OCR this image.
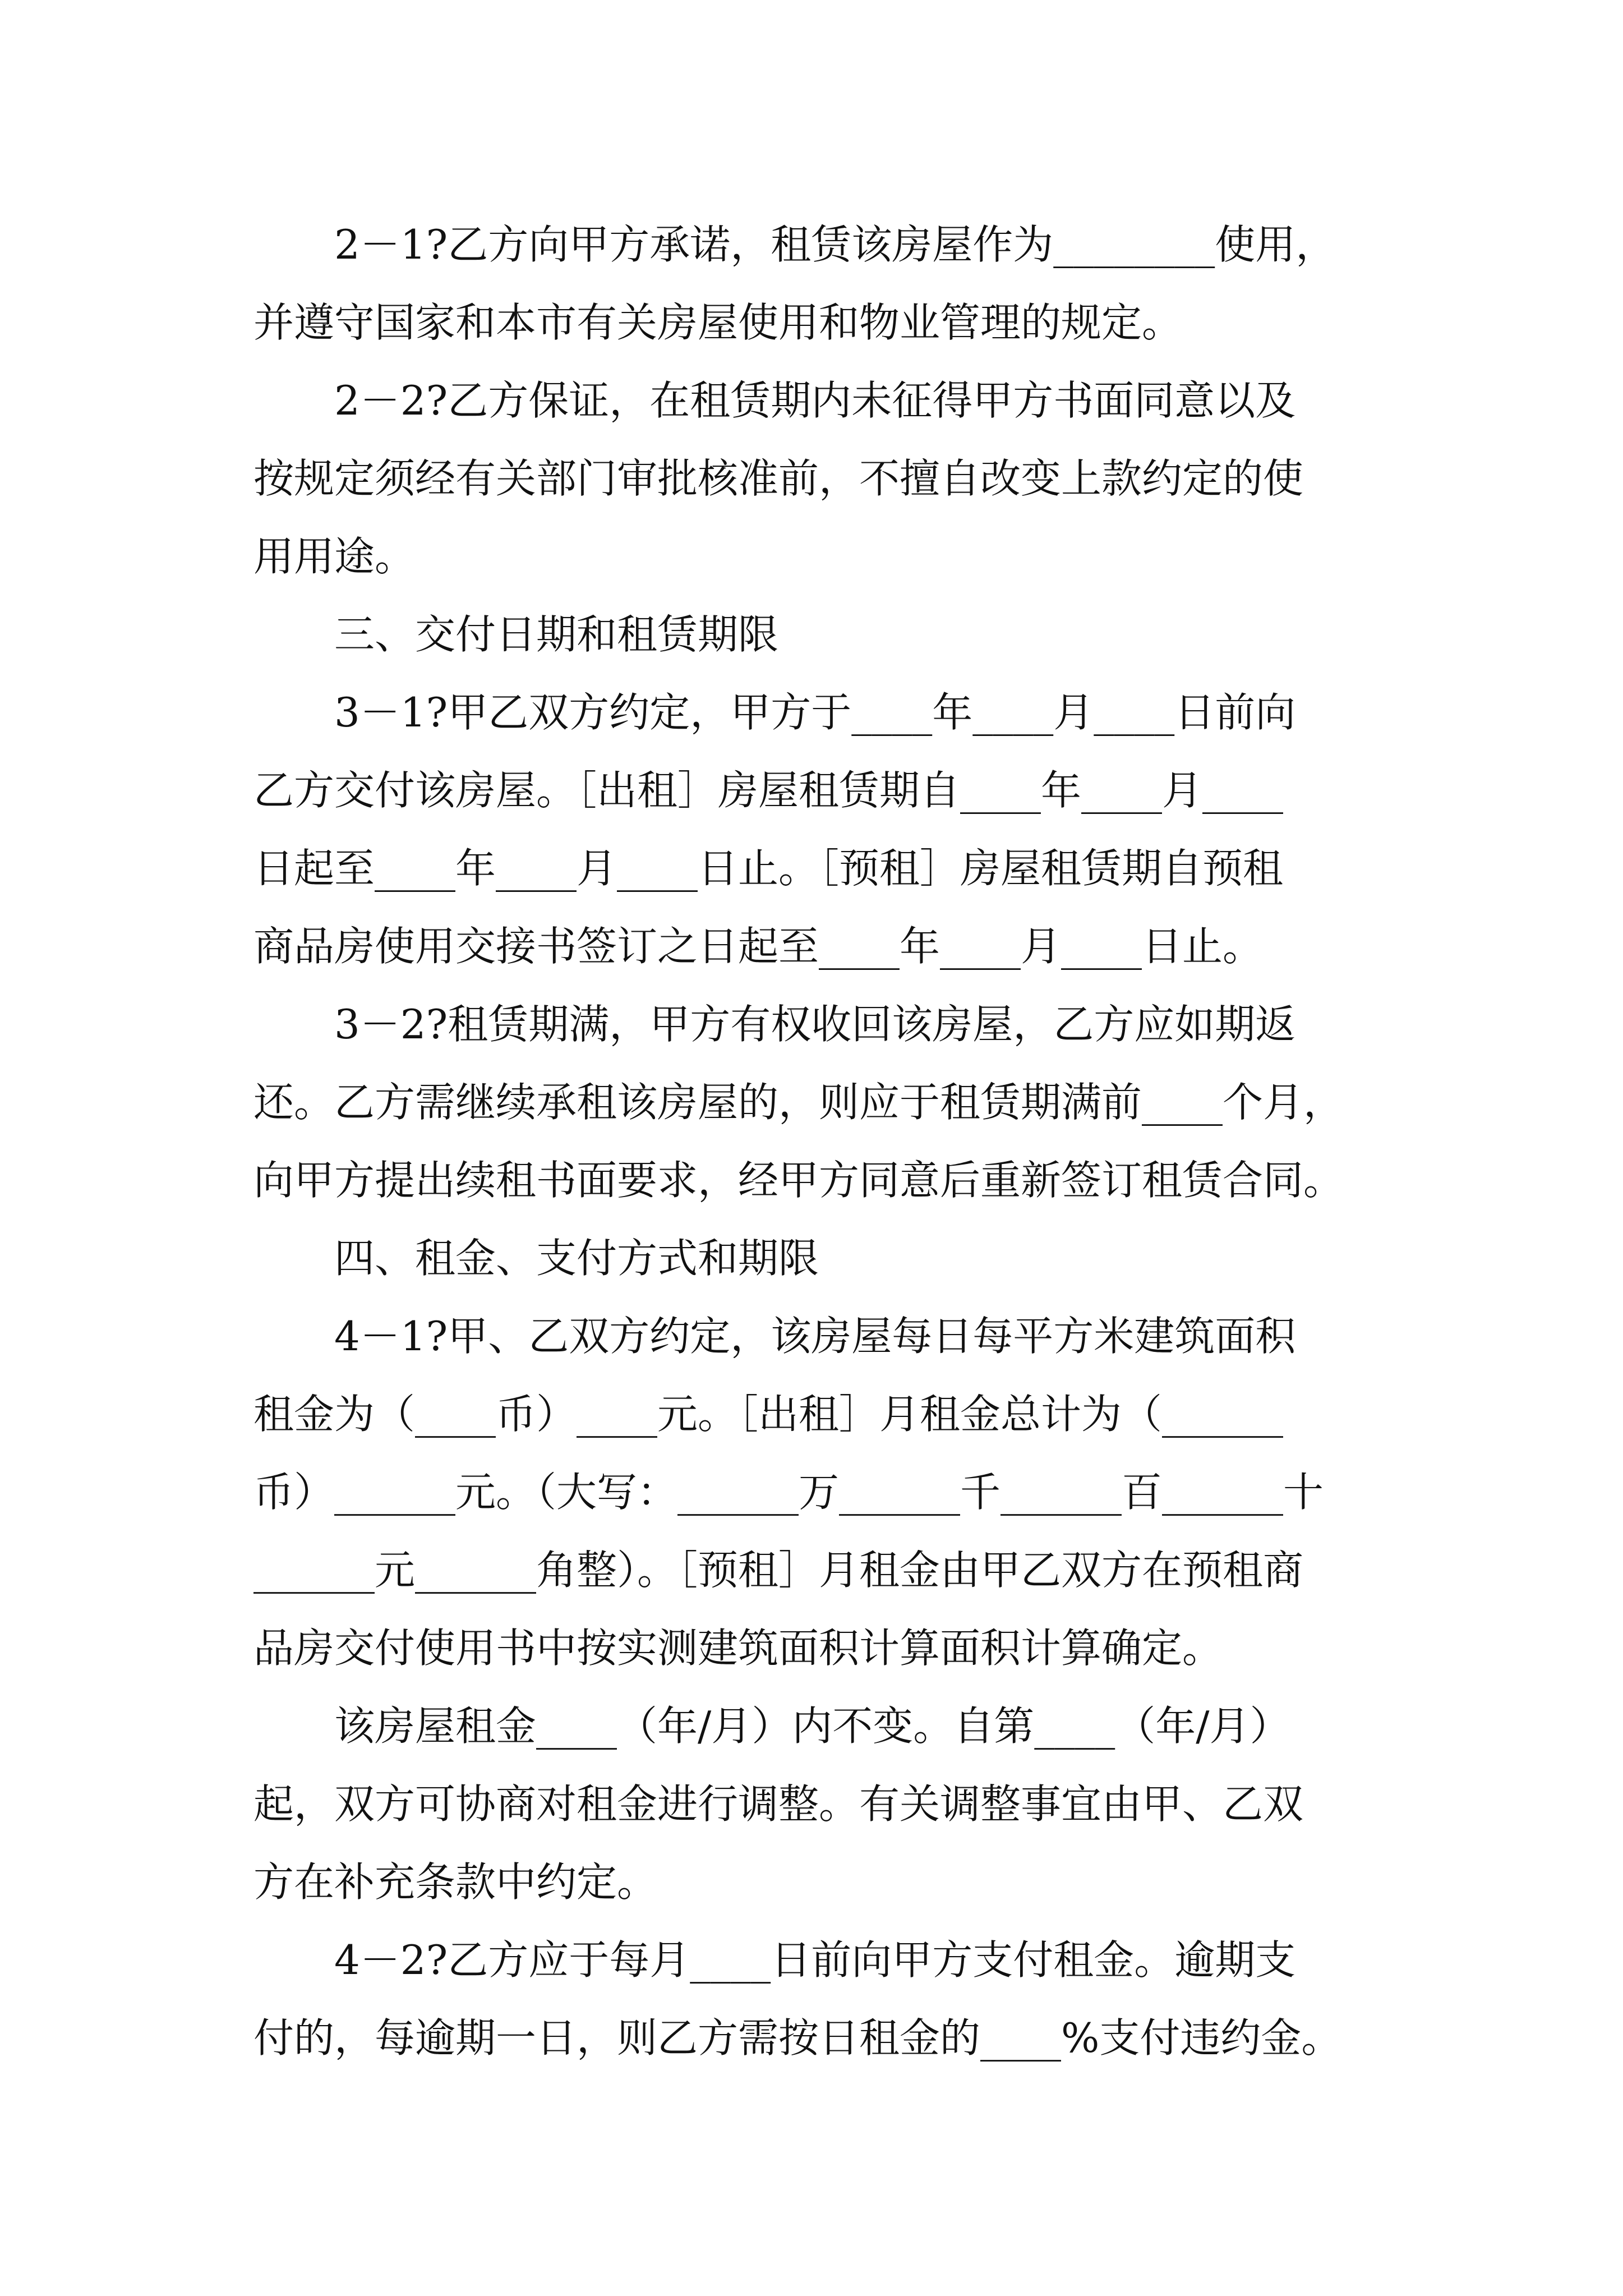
2－1?乙方向甲方承诺，租赁该房屋作为________使用，

并遵守国家和本市有关房屋使用和物业管理的规定。

2－2?乙方保证，在租赁期内未征得甲方书面同意以及

按规定须经有关部门审批核准前，不擅自改变上款约定的使

用用途。

三、交付日期和租赁期限

3－1?甲乙双方约定，甲方于____年____月____日前向

乙方交付该房屋。［出租］房屋租赁期自____年____月____

日起至____年____月____日止。［预租］房屋租赁期自预租

商品房使用交接书签订之日起至____年____月____日止。

3－2?租赁期满，甲方有权收回该房屋，乙方应如期返

还。乙方需继续承租该房屋的，则应于租赁期满前____个月，

向甲方提出续租书面要求，经甲方同意后重新签订租赁合同。

四、租金、支付方式和期限

4－1?甲、乙双方约定，该房屋每日每平方米建筑面积

租金为（____币）____元。［出租］月租金总计为（______

币）______元。（大写：______万______千______百______十

______元______角整）。［预租］月租金由甲乙双方在预租商

品房交付使用书中按实测建筑面积计算面积计算确定。

该房屋租金____（年/月）内不变。自第____（年/月）

起，双方可协商对租金进行调整。有关调整事宜由甲、乙双

方在补充条款中约定。

4－2?乙方应于每月____日前向甲方支付租金。逾期支

付的，每逾期一日，则乙方需按日租金的____%支付违约金。
